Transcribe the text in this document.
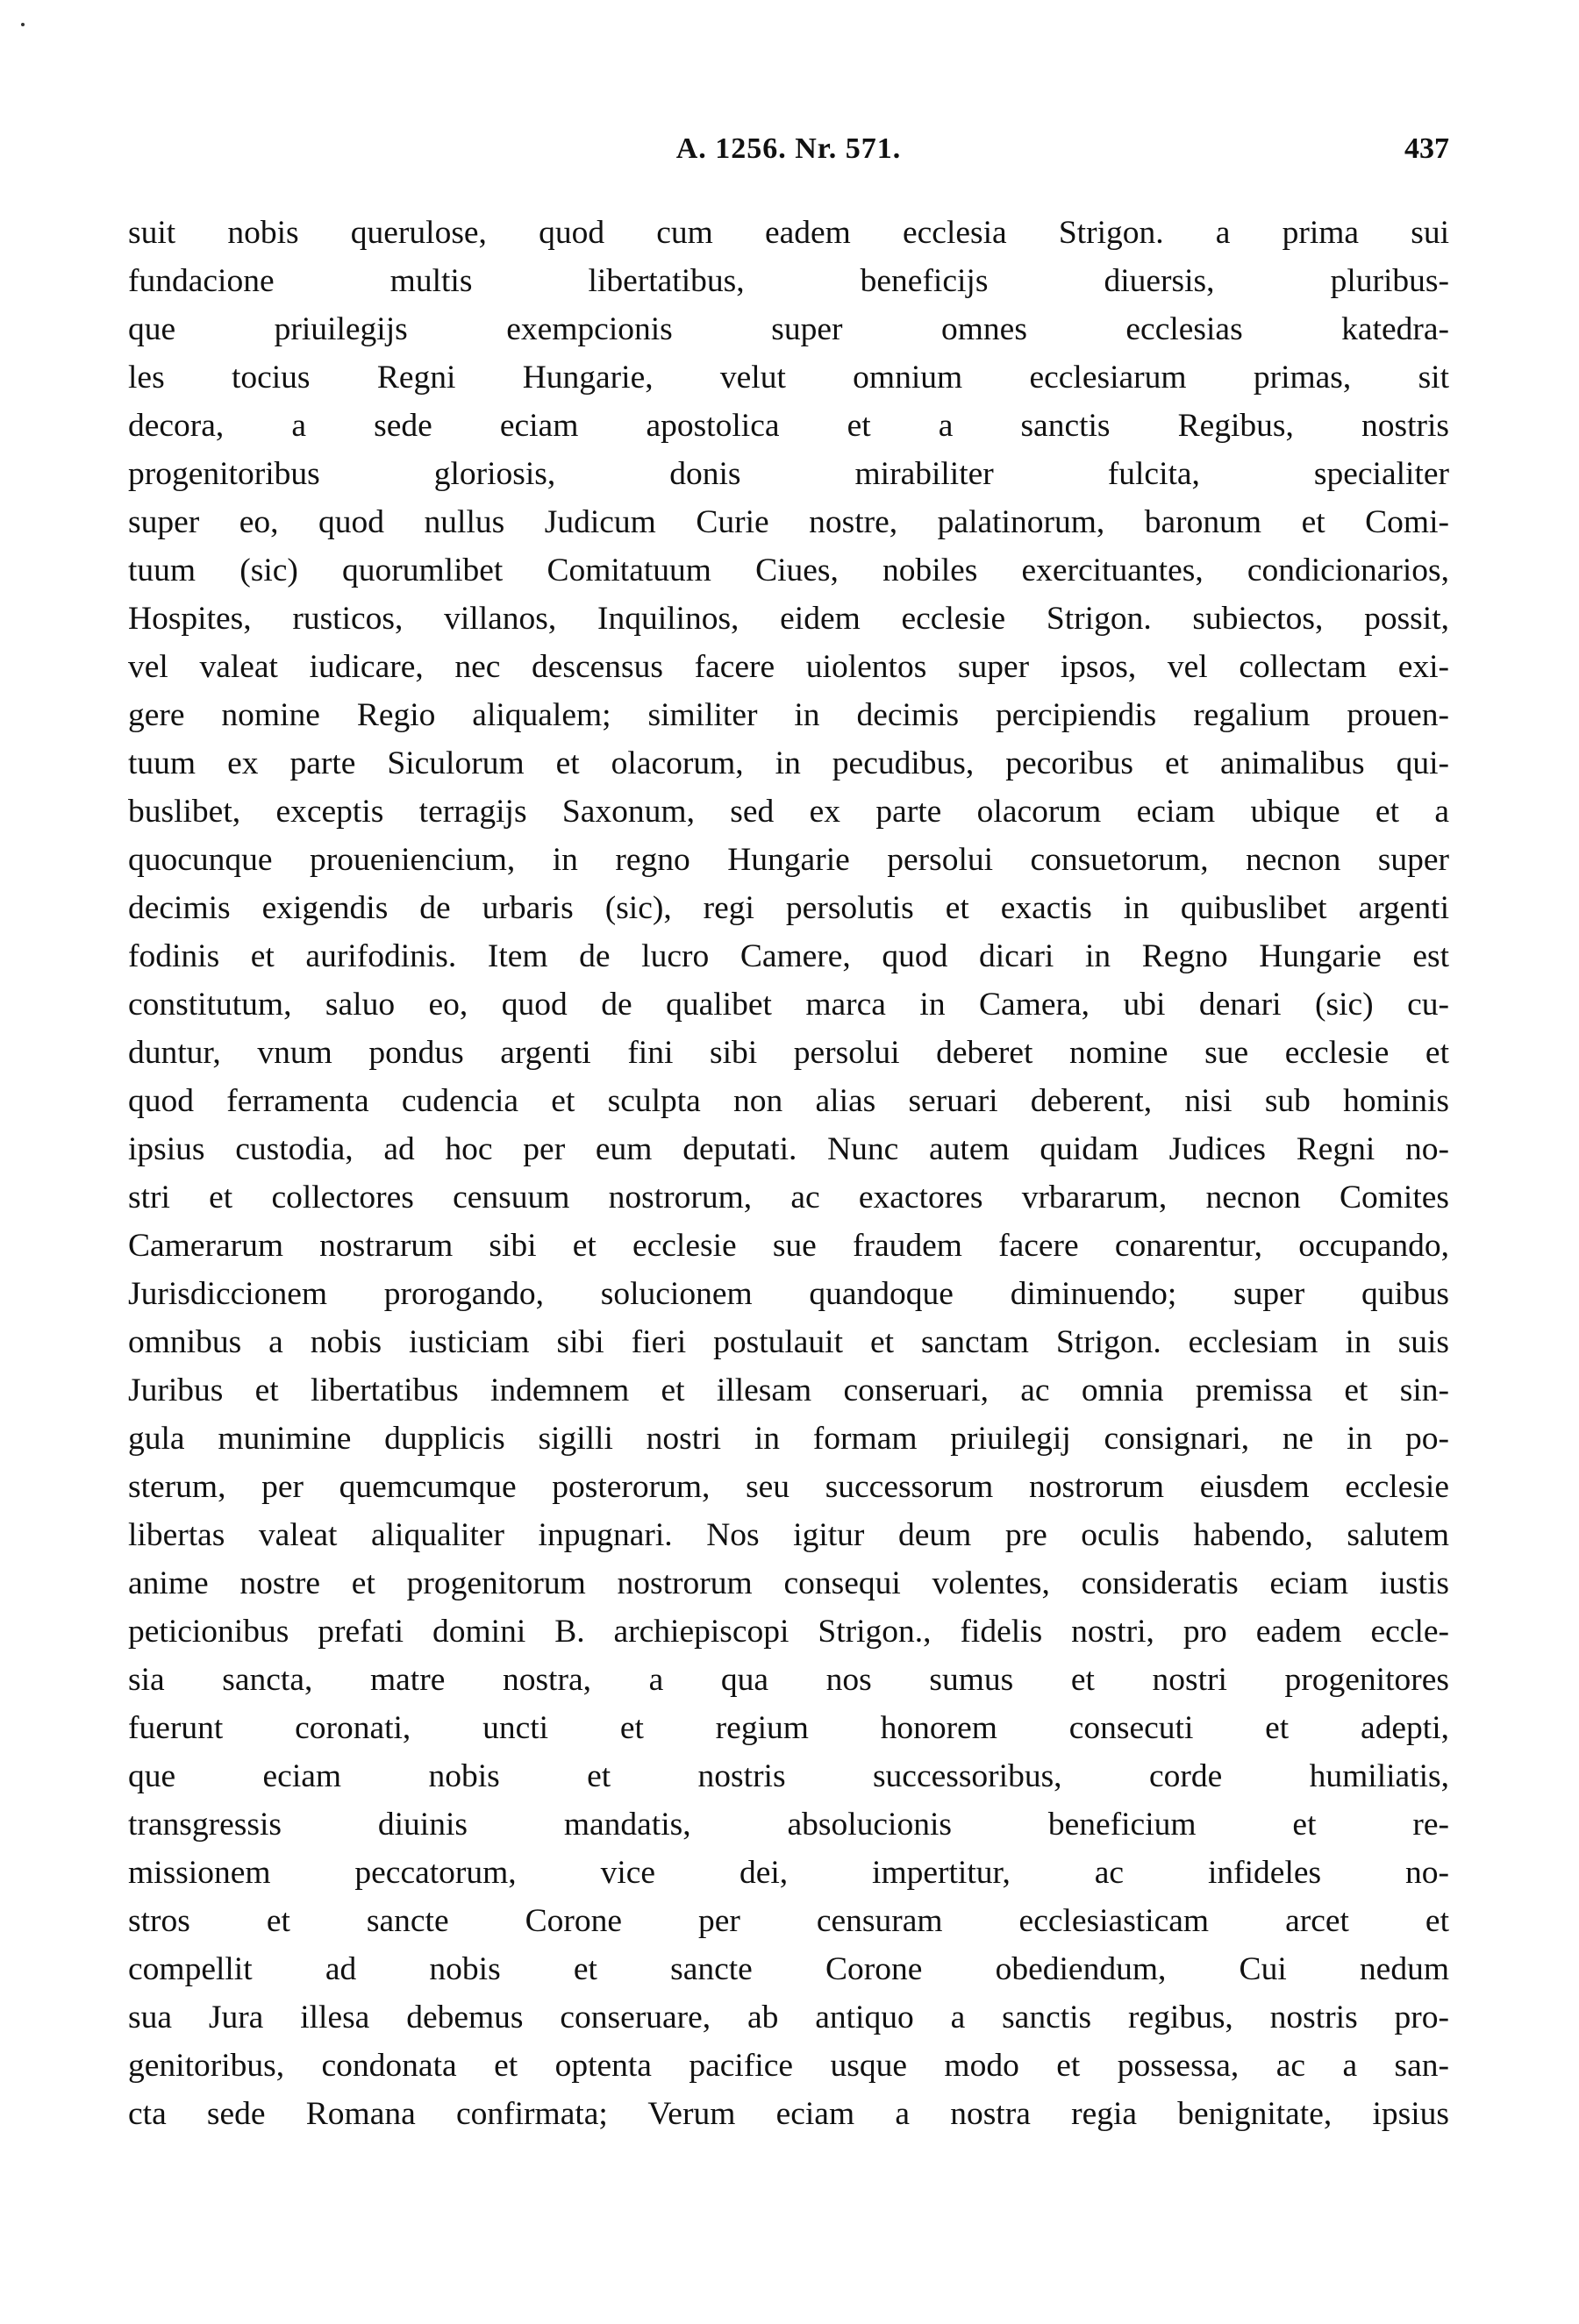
A. 1256. Nr. 571.	437
suit nobis querulose, quod cum eadem ecclesia Strigon. a prima sui
fundacione multis libertatibus, beneficijs diuersis, pluribus-
que priuilegijs exempcionis super omnes ecclesias katedra-
les tocius Regni Hungarie, velut omnium ecclesiarum primas, sit
decora, a sede eciam apostolica et a sanctis Regibus, nostris
progenitoribus gloriosis, donis mirabiliter fulcita, specialiter
super eo, quod nullus Judicum Curie nostre, palatinorum, baronum et Comi-
tuum (sic) quorumlibet Comitatuum Ciues, nobiles exercituantes, condicionarios,
Hospites, rusticos, villanos, Inquilinos, eidem ecclesie Strigon. subiectos, possit,
vel valeat iudicare, nec descensus facere uiolentos super ipsos, vel collectam exi-
gere nomine Regio aliqualem; similiter in decimis percipiendis regalium prouen-
tuum ex parte Siculorum et olacorum, in pecudibus, pecoribus et animalibus qui-
buslibet, exceptis terragijs Saxonum, sed ex parte olacorum eciam ubique et a
quocunque proueniencium, in regno Hungarie persolui consuetorum, necnon super
decimis exigendis de urbaris (sic), regi persolutis et exactis in quibuslibet argenti
fodinis et aurifodinis. Item de lucro Camere, quod dicari in Regno Hungarie est
constitutum, saluo eo, quod de qualibet marca in Camera, ubi denari (sic) cu-
duntur, vnum pondus argenti fini sibi persolui deberet nomine sue ecclesie et
quod ferramenta cudencia et sculpta non alias seruari deberent, nisi sub hominis
ipsius custodia, ad hoc per eum deputati. Nunc autem quidam Judices Regni no-
stri et collectores censuum nostrorum, ac exactores vrbararum, necnon Comites
Camerarum nostrarum sibi et ecclesie sue fraudem facere conarentur, occupando,
Jurisdiccionem prorogando, solucionem quandoque diminuendo; super quibus
omnibus a nobis iusticiam sibi fieri postulauit et sanctam Strigon. ecclesiam in suis
Juribus et libertatibus indemnem et illesam conseruari, ac omnia premissa et sin-
gula munimine dupplicis sigilli nostri in formam priuilegij consignari, ne in po-
sterum, per quemcumque posterorum, seu successorum nostrorum eiusdem ecclesie
libertas valeat aliqualiter inpugnari. Nos igitur deum pre oculis habendo, salutem
anime nostre et progenitorum nostrorum consequi volentes, consideratis eciam iustis
peticionibus prefati domini B. archiepiscopi Strigon., fidelis nostri, pro eadem eccle-
sia sancta, matre nostra, a qua nos sumus et nostri progenitores
fuerunt coronati, uncti et regium honorem consecuti et adepti,
que eciam nobis et nostris successoribus, corde humiliatis,
transgressis diuinis mandatis, absolucionis beneficium et re-
missionem peccatorum, vice dei, impertitur, ac infideles no-
stros et sancte Corone per censuram ecclesiasticam arcet et
compellit ad nobis et sancte Corone obediendum, Cui nedum
sua Jura illesa debemus conseruare, ab antiquo a sanctis regibus, nostris pro-
genitoribus, condonata et optenta pacifice usque modo et possessa, ac a san-
cta sede Romana confirmata; Verum eciam a nostra regia benignitate, ipsius
